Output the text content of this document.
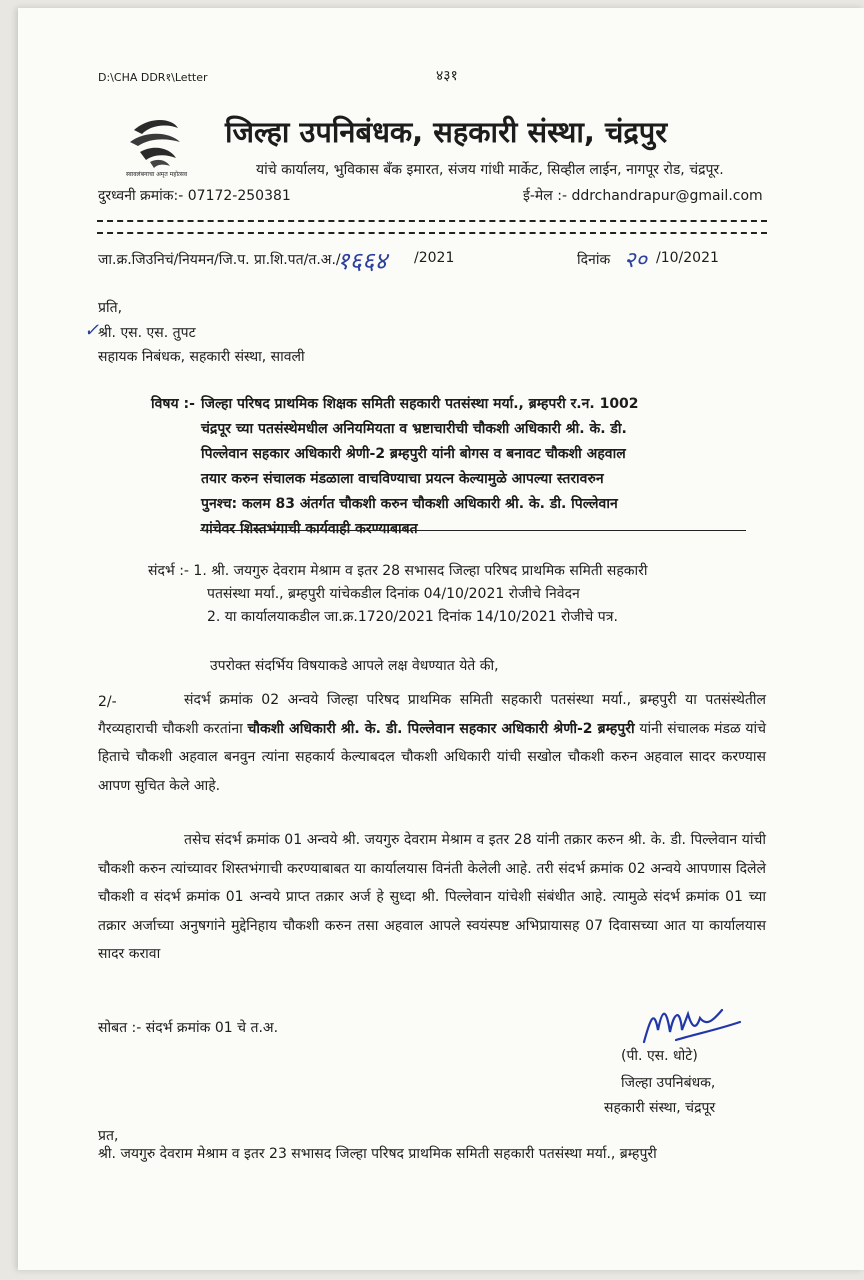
D:\CHA DDR१\Letter	४३१
स्वावलंबनाचा अमृत महोत्सव
जिल्हा उपनिबंधक, सहकारी संस्था, चंद्रपुर
यांचे कार्यालय, भुविकास बँक इमारत, संजय गांधी मार्केट, सिव्हील लाईन, नागपूर रोड, चंद्रपूर.
दुरध्वनी क्रमांक:- 07172-250381	ई-मेल :- ddrchandrapur@gmail.com
जा.क्र.जिउनिचं/नियमन/जि.प. प्रा.शि.पत/त.अ./
१६६४ /2021	दिनांक २० /10/2021
प्रति,
✓
श्री. एस. एस. तुपट
सहायक निबंधक, सहकारी संस्था, सावली
विषय :- जिल्हा परिषद प्राथमिक शिक्षक समिती सहकारी पतसंस्था मर्या., ब्रम्हपरी र.न. 1002
चंद्रपूर च्या पतसंस्थेमधील अनियमियता व भ्रष्टाचारीची चौकशी अधिकारी श्री. के. डी.
पिल्लेवान सहकार अधिकारी श्रेणी-2 ब्रम्हपुरी यांनी बोगस व बनावट चौकशी अहवाल
तयार करुन संचालक मंडळाला वाचविण्याचा प्रयत्न केल्यामुळे आपल्या स्तरावरुन
पुनश्च: कलम 83 अंतर्गत चौकशी करुन चौकशी अधिकारी श्री. के. डी. पिल्लेवान
यांचेवर शिस्तभंगाची कार्यवाही करण्याबाबत
संदर्भ :- 1. श्री. जयगुरु देवराम मेश्राम व इतर 28 सभासद जिल्हा परिषद प्राथमिक समिती सहकारी
पतसंस्था मर्या., ब्रम्हपुरी यांचेकडील दिनांक 04/10/2021 रोजीचे निवेदन
2. या कार्यालयाकडील जा.क्र.1720/2021 दिनांक 14/10/2021 रोजीचे पत्र.
उपरोक्त संदर्भिय विषयाकडे आपले लक्ष वेधण्यात येते की,
2/-	संदर्भ क्रमांक 02 अन्वये जिल्हा परिषद प्राथमिक समिती सहकारी पतसंस्था मर्या., ब्रम्हपुरी या पतसंस्थेतील गैरव्यहाराची चौकशी करतांना चौकशी अधिकारी श्री. के. डी. पिल्लेवान सहकार अधिकारी श्रेणी-2 ब्रम्हपुरी यांनी संचालक मंडळ यांचे हिताचे चौकशी अहवाल बनवुन त्यांना सहकार्य केल्याबदल चौकशी अधिकारी यांची सखोल चौकशी करुन अहवाल सादर करण्यास आपण सुचित केले आहे.
तसेच संदर्भ क्रमांक 01 अन्वये श्री. जयगुरु देवराम मेश्राम व इतर 28 यांनी तक्रार करुन श्री. के. डी. पिल्लेवान यांची चौकशी करुन त्यांच्यावर शिस्तभंगाची करण्याबाबत या कार्यालयास विनंती केलेली आहे. तरी संदर्भ क्रमांक 02 अन्वये आपणास दिलेले चौकशी व संदर्भ क्रमांक 01 अन्वये प्राप्त तक्रार अर्ज हे सुध्दा श्री. पिल्लेवान यांचेशी संबंधीत आहे. त्यामुळे संदर्भ क्रमांक 01 च्या तक्रार अर्जाच्या अनुषगांने मुद्देनिहाय चौकशी करुन तसा अहवाल आपले स्वयंस्पष्ट अभिप्रायासह 07 दिवासच्या आत या कार्यालयास सादर करावा
सोबत :- संदर्भ क्रमांक 01 चे त.अ.
(पी. एस. धोटे)
जिल्हा उपनिबंधक,
सहकारी संस्था, चंद्रपूर
प्रत,
श्री. जयगुरु देवराम मेश्राम व इतर 23 सभासद जिल्हा परिषद प्राथमिक समिती सहकारी पतसंस्था मर्या., ब्रम्हपुरी
